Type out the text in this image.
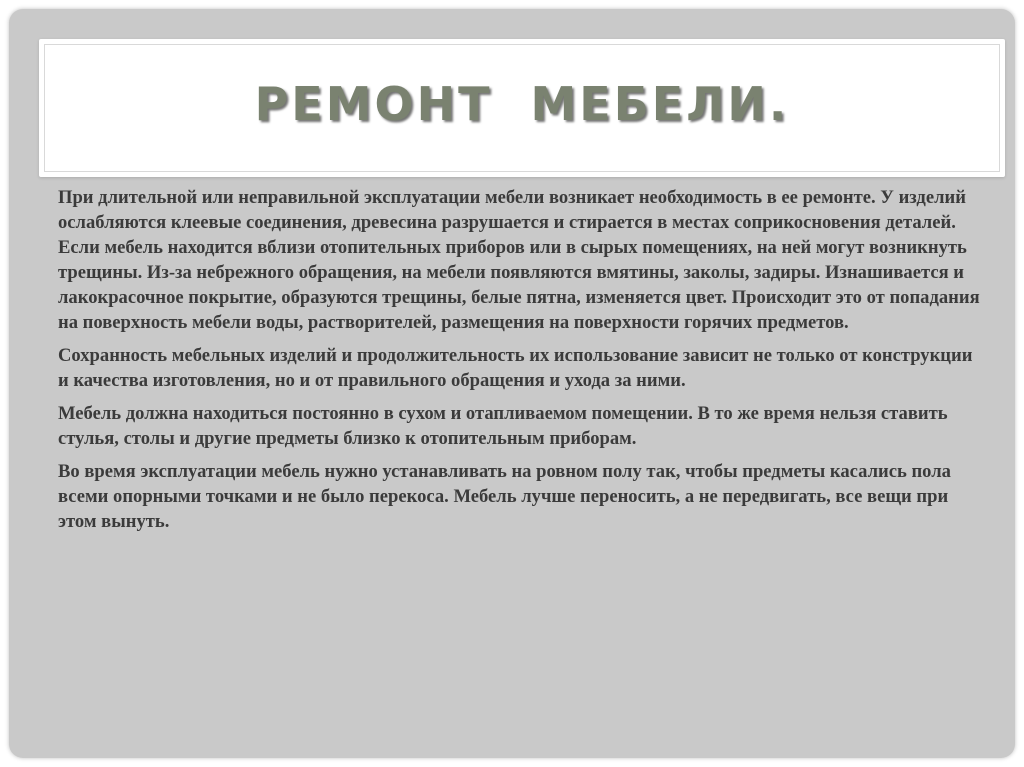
РЕМОНТ  МЕБЕЛИ.

При длительной или неправильной эксплуатации мебели возникает необходимость в ее ремонте. У изделий ослабляются клеевые соединения, древесина разрушается и стирается в местах соприкосновения деталей. Если мебель находится вблизи отопительных приборов или в сырых помещениях, на ней могут возникнуть трещины. Из-за небрежного обращения, на мебели появляются вмятины, заколы, задиры. Изнашивается и лакокрасочное покрытие, образуются трещины, белые пятна, изменяется цвет. Происходит это от попадания на поверхность мебели воды, растворителей, размещения на поверхности горячих предметов.

Сохранность мебельных изделий и продолжительность их использование зависит не только от конструкции и качества изготовления, но и от правильного обращения и ухода за ними.

Мебель должна находиться постоянно в сухом и отапливаемом помещении. В то же время нельзя ставить стулья, столы и другие предметы близко к отопительным приборам.

Во время эксплуатации мебель нужно устанавливать на ровном полу так, чтобы предметы касались пола всеми опорными точками и не было перекоса. Мебель лучше переносить, а не передвигать, все вещи при этом вынуть.
